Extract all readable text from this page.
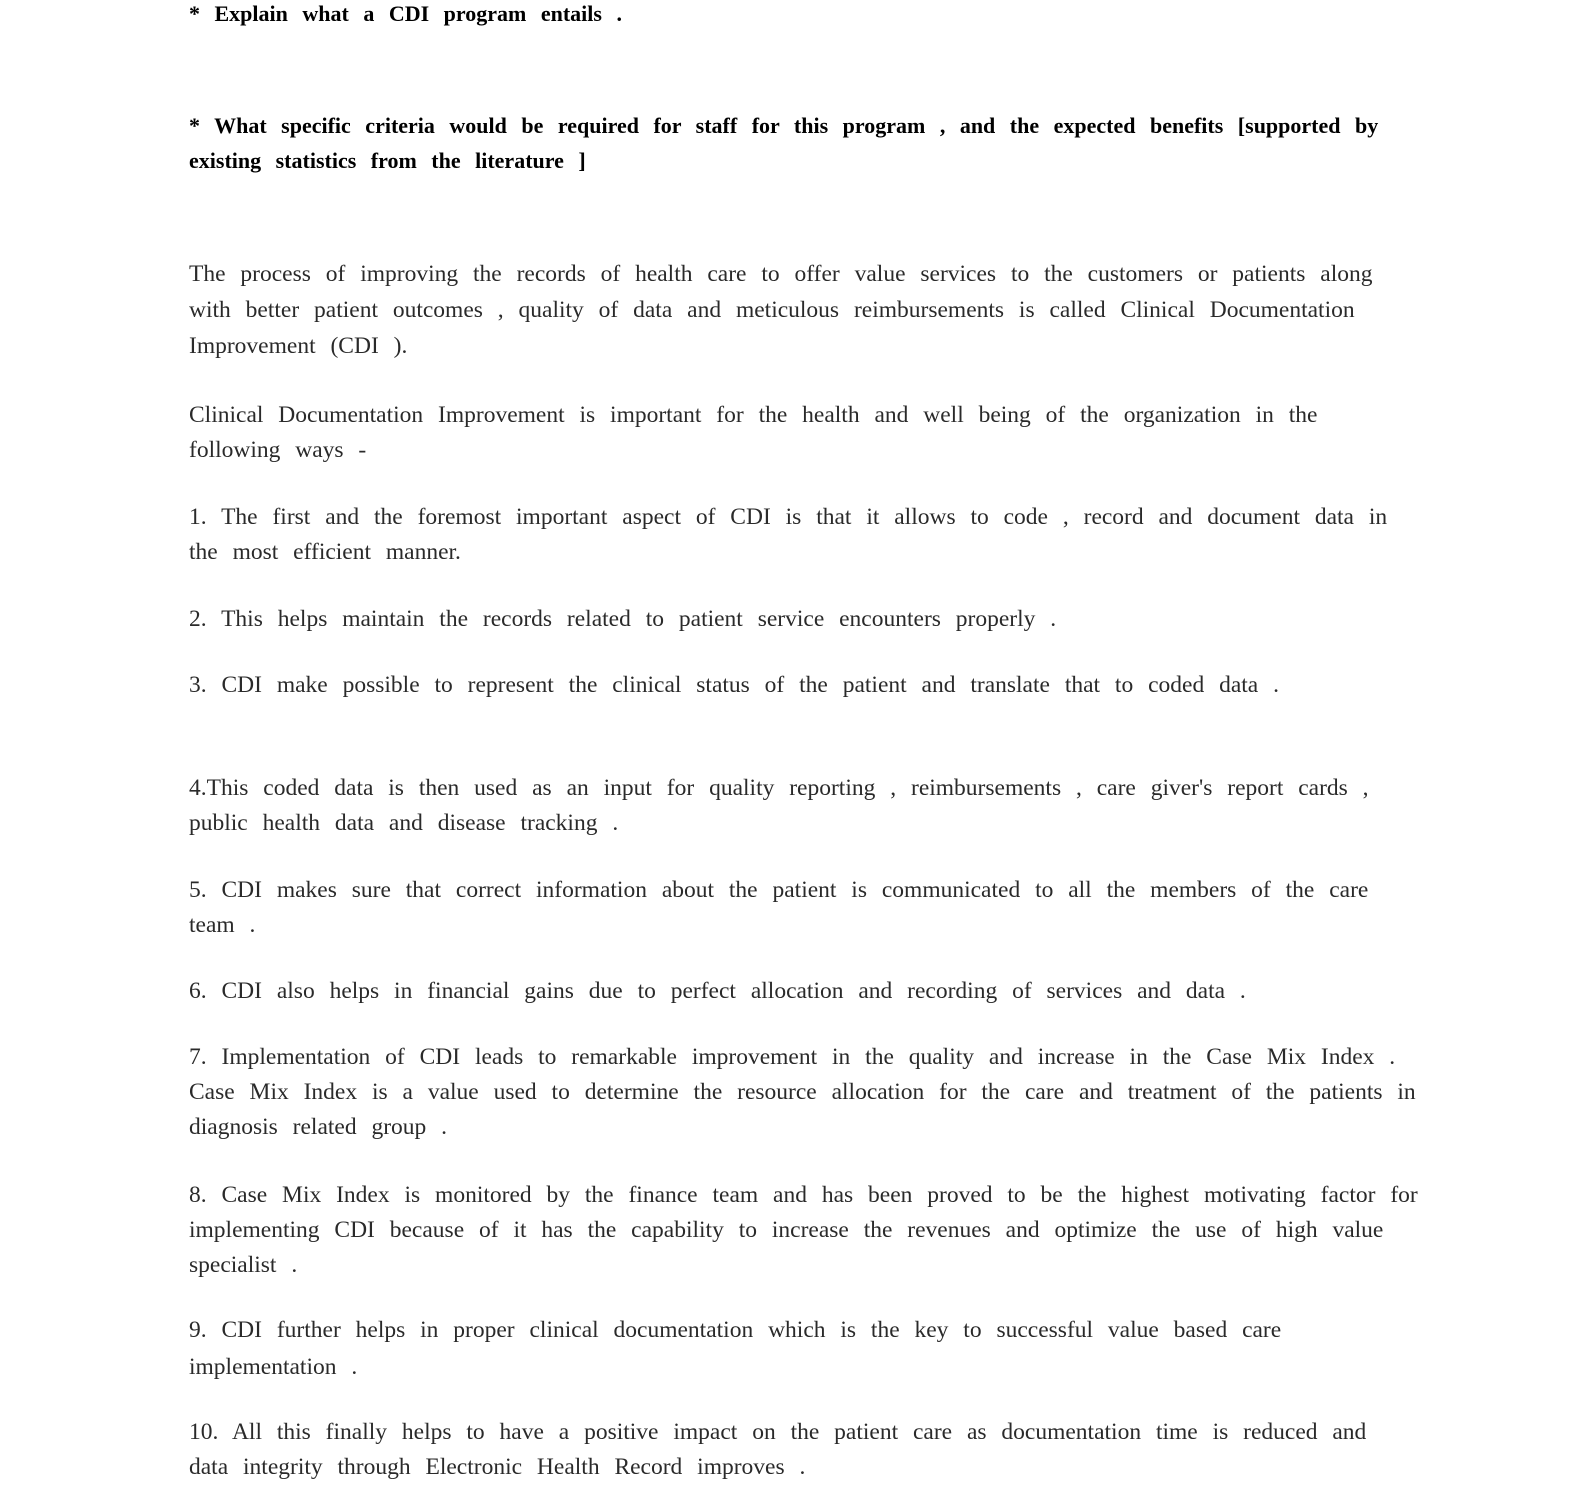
* Explain what a CDI program entails .

* What specific criteria would be required for staff for this program , and the expected benefits [supported by existing statistics from the literature ]

The process of improving the records of health care to offer value services to the customers or patients along with better patient outcomes , quality of data and meticulous reimbursements is called Clinical Documentation Improvement (CDI ).

Clinical Documentation Improvement is important for the health and well being of the organization in the following ways -

1. The first and the foremost important aspect of CDI is that it allows to code , record and document data in the most efficient manner.
2. This helps maintain the records related to patient service encounters properly .
3. CDI make possible to represent the clinical status of the patient and translate that to coded data .
4.This coded data is then used as an input for quality reporting , reimbursements , care giver's report cards , public health data and disease tracking .
5. CDI makes sure that correct information about the patient is communicated to all the members of the care team .
6. CDI also helps in financial gains due to perfect allocation and recording of services and data .
7. Implementation of CDI leads to remarkable improvement in the quality and increase in the Case Mix Index . Case Mix Index is a value used to determine the resource allocation for the care and treatment of the patients in diagnosis related group .
8. Case Mix Index is monitored by the finance team and has been proved to be the highest motivating factor for implementing CDI because of it has the capability to increase the revenues and optimize the use of high value specialist .
9. CDI further helps in proper clinical documentation which is the key to successful value based care implementation .
10. All this finally helps to have a positive impact on the patient care as documentation time is reduced and data integrity through Electronic Health Record improves .
